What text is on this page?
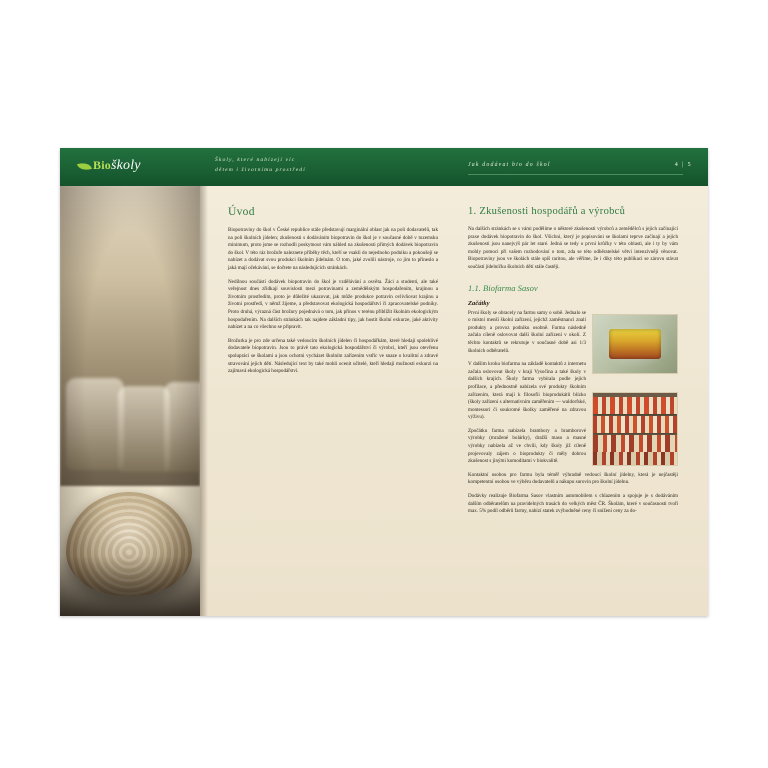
Bioškoly	Školy, které nabízejí víc
dětem i životnímu prostředí
Jak dodávat bio do škol	4 | 5
Úvod

Biopotraviny do škol v České republice stále představují marginální oblast jak na poli dodavatelů, tak na poli školních jídelen; zkušenosti s dodáváním biopotravin do škol je v současné době v tuzemsku minimum, proto jsme se rozhodli poskytnout vám náhled na zkušenosti přímých dodávek biopotravin do škol. V této ráz brožuře naleznete příběhy těch, kteří se vsakli do nejednoho podniku a pokoušejí se nabízet a dodávat svou produkci školním jídelnám. O tom, jaké zvolili nástroje, co jim to přineslo a jaká mají očekávání, se dočtete na následujících stránkách.

Nedílnou součástí dodávek biopotravin do škol je vzdělávání a osvěta. Žáci a studenti, ale také veřejnost dnes zřídkají souvislosti mezi potravinami a zemědělským hospodařením, krajinou a životním prostředím, proto je důležité ukazovat, jak může produkce potravin ovlivňovat krajinu a životní prostředí, v němž žijeme, a představovat ekologická hospodářství či zpracovatelské podniky. Proto druhá, výrazná část brožury pojednává o tom, jak přínos v terénu přiblížit školním ekologickým hospodařením. Na dalších stránkách tak najdete základní tipy, jak hostit školní exkurze, jaké aktivity nabízet a na co všechno se připravit.

Brožurka je pro zde určena také vedoucím školních jídelen či hospodářkám, které hledají spolehlivé dodavatele biopotravin. Jsou to právě tato ekologická hospodářství či výrobci, kteří jsou otevřenu spolupráci se školami a jsou ochotni vycházet školním zařízením vstříc ve snaze o kvalitní a zdravé stravování jejich dětí. Následující text by také mohli ocenit učitelé, kteří hledají možnosti exkurzi na zajímavá ekologická hospodářství.

1. Zkušenosti hospodářů a výrobců

Na dalších stránkách se s vámi podělíme o některé zkušenosti výrobců a zemědělců s jejich začínající praxe dodávek biopotravin do škol. Všichni, který je popisováni se školami teprve začínají a jejich zkušenosti jsou nanejvýš pár let staré. Jedná se tedy o první krůčky v této oblasti, ale i ty by vám mohly pomoci při vašem rozhodování o tom, zda se této odběratelské větvi intenzivněji věnovat. Biopotraviny jsou ve školách stále spíš raritou, ale věříme, že i díky této publikaci se zárovu stávat součástí jídelníčku školních dětí stále častěji.

1.1. Biofarma Sasov
Začátky

První školy se obracely na farmu samy o sobě. Jednalo se o místní menší školní zařízení, jejichž zaměstnanci znali produkty a provoz podniku osobně. Farma následně začala cíleně oslovovat další školní zařízení v okolí. Z těchto kontaktů se rekrutuje v současné době asi 1/3 školních odběratelů.

V dalším kroku biofarma na základě kontaktů z internetu začala oslovovat školy v kraji Vysočina a také školy v dalších krajích. Školy farma vybírala podle jejich profilace, a přednostně nabízela své produkty školním zařízením, která mají k filosofii bioprodukátů blízko (školy zařízení s alternativním zaměřením — waldorfské, montessori či soukromé školky zaměřené na zdravou výživu).

Zpočátku farma nabízela brambory a bramborové výrobky (mražené bolárky), dražší maso a masné výrobky nabízela až ve chvíli, kdy školy již cíleně projevovaly zájem o bioprodukty či měly dobrou zkušenost s jinými komoditami v biokvalitě.

Kontaktní osobou pro farmu byla téměř výhradně vedoucí školní jídelny, která je nejčastěji kompetentní osobou ve výběru dodavatelů a nákupu surovin pro školní jídelnu.

Dodávky realizuje Biofarma Sasov vlastním automobilem s chlazením a spojuje je s dodáváním dalším odběratelům na pravidelných trasách do velkých měst ČR. Školám, které v současnosti tvoří max. 5% podíl odběrů farmy, nabízí statek zvýhodněné ceny či snížení ceny za do-
